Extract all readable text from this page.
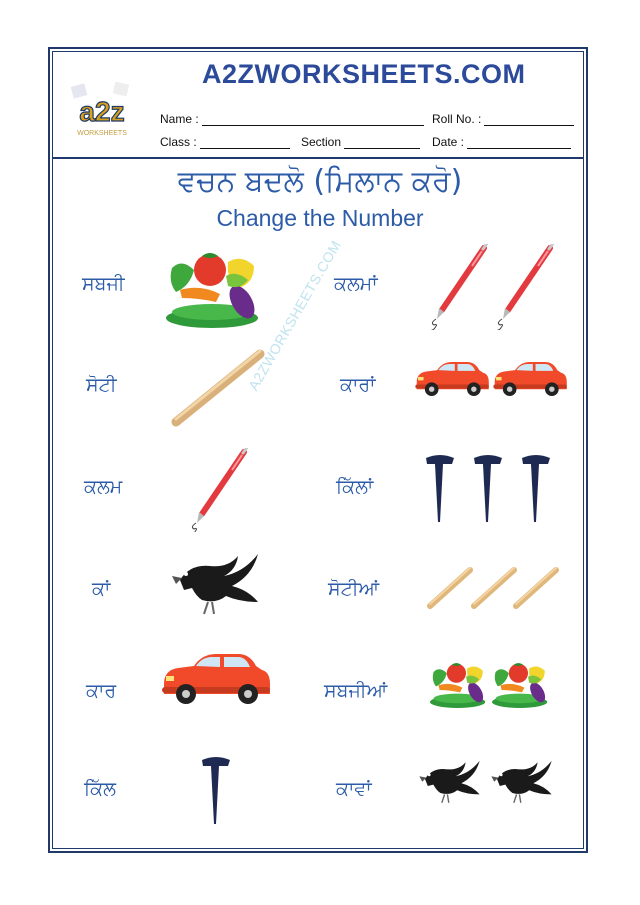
A2ZWORKSHEETS.COM
a2z
WORKSHEETS
Name :	Roll No. :
Class :	Section	Date :
ਵਚਨ ਬਦਲੋ (ਮਿਲਾਨ ਕਰੋ)
Change the Number
A2ZWORKSHEETS.COM
ਸਬਜੀ
ਸੋਟੀ
ਕਲਮ
ਕਾਂ
ਕਾਰ
ਕਿੱਲ
ਕਲਮਾਂ
ਕਾਰਾਂ
ਕਿੱਲਾਂ
ਸੋਟੀਆਂ
ਸਬਜੀਆਂ
ਕਾਵਾਂ
